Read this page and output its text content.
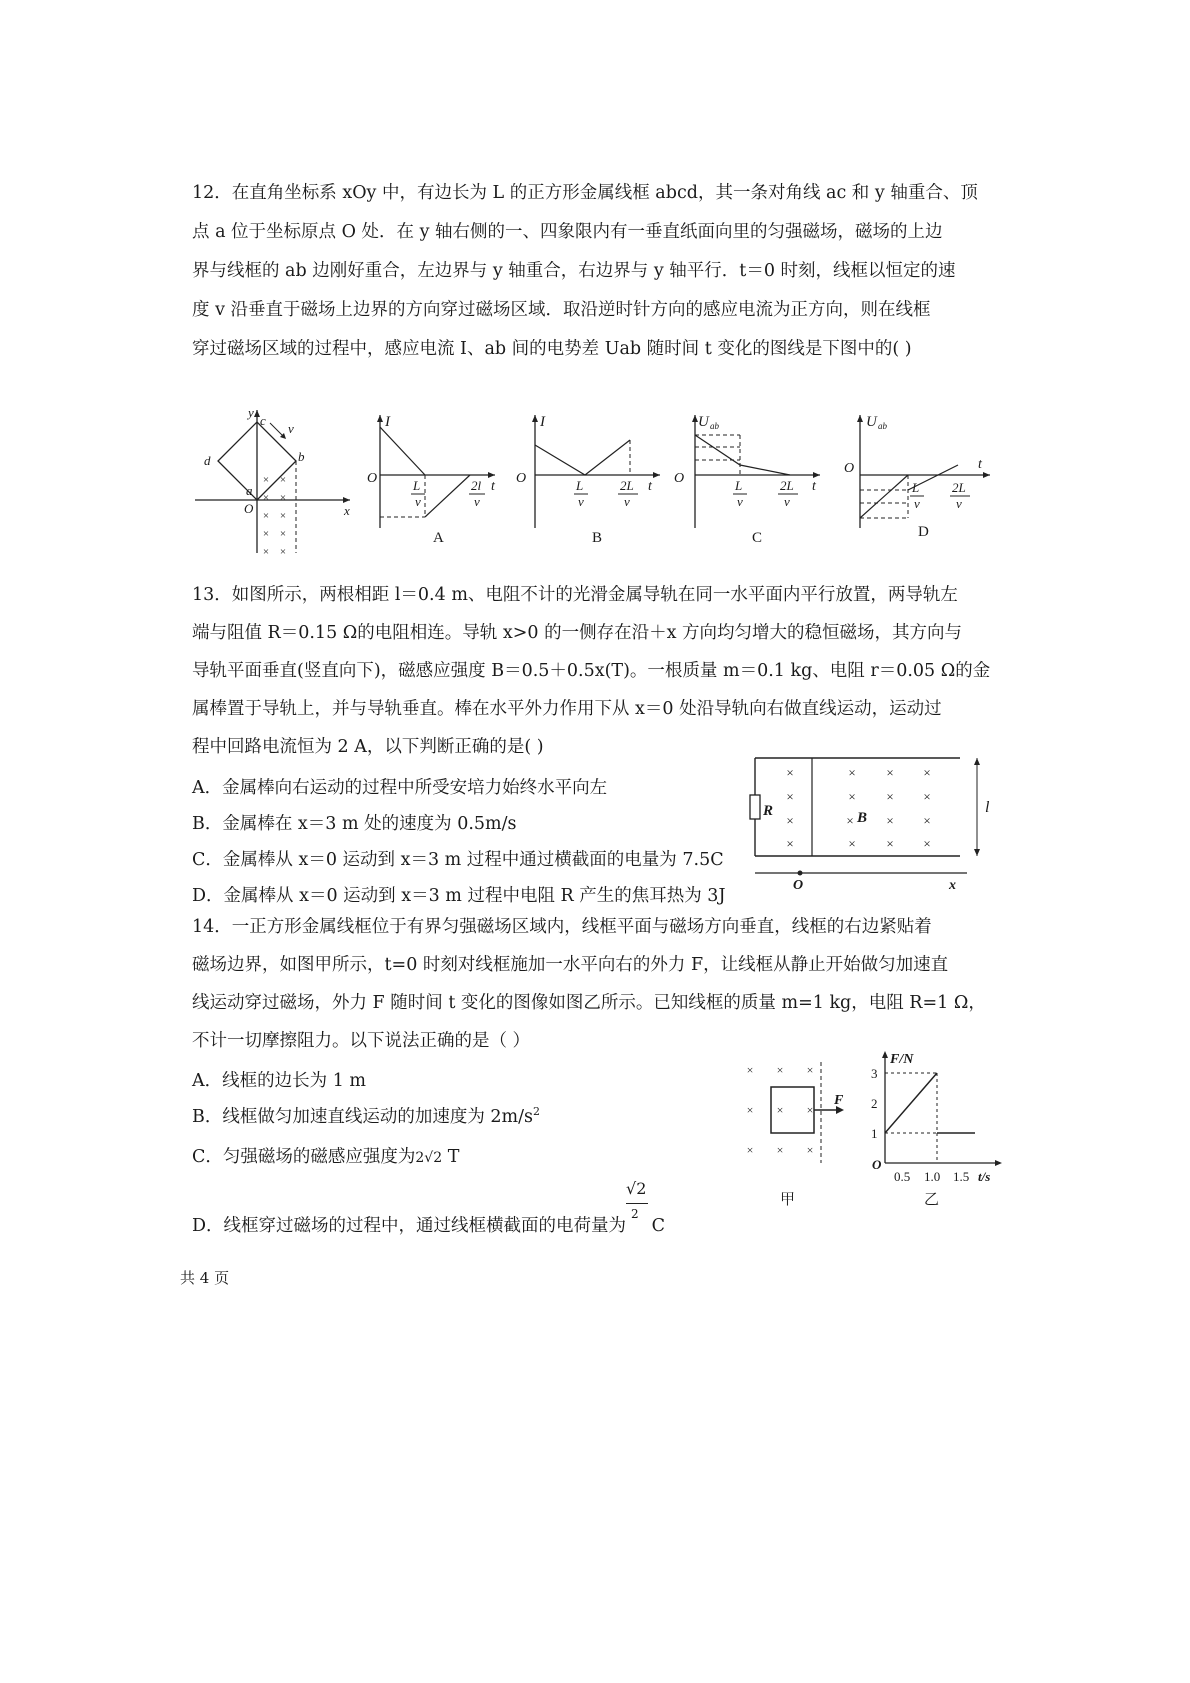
12．在直角坐标系 xOy 中，有边长为 L 的正方形金属线框 abcd，其一条对角线 ac 和 y 轴重合、顶
点 a 位于坐标原点 O 处．在 y 轴右侧的一、四象限内有一垂直纸面向里的匀强磁场，磁场的上边
界与线框的 ab 边刚好重合，左边界与 y 轴重合，右边界与 y 轴平行．t＝0 时刻，线框以恒定的速
度 v 沿垂直于磁场上边界的方向穿过磁场区域．取沿逆时针方向的感应电流为正方向，则在线框
穿过磁场区域的过程中，感应电流 I、ab 间的电势差 Uab 随时间 t 变化的图线是下图中的( )
× ×
× ×
× ×
× ×
× ×
y
c
d	b
a
O	x
v	I
O
t
L
v
2l
v
A
I
O
t
L
v
2L
v
B
U ab
O
t
L
v
2L
v
C
U ab
O	t
L
v
2L
v
D
13．如图所示，两根相距 l＝0.4 m、电阻不计的光滑金属导轨在同一水平面内平行放置，两导轨左
端与阻值 R＝0.15 Ω的电阻相连。导轨 x>0 的一侧存在沿＋x 方向均匀增大的稳恒磁场，其方向与
导轨平面垂直(竖直向下)，磁感应强度 B＝0.5＋0.5x(T)。一根质量 m＝0.1 kg、电阻 r＝0.05 Ω的金
属棒置于导轨上，并与导轨垂直。棒在水平外力作用下从 x＝0 处沿导轨向右做直线运动，运动过
程中回路电流恒为 2 A，以下判断正确的是( )
A．金属棒向右运动的过程中所受安培力始终水平向左
B．金属棒在 x＝3 m 处的速度为 0.5m/s
C．金属棒从 x＝0 运动到 x＝3 m 过程中通过横截面的电量为 7.5C
D．金属棒从 x＝0 运动到 x＝3 m 过程中电阻 R 产生的焦耳热为 3J
×
×
×
×
× × ×
× × ×
×	× ×
× × ×
R	B
l
O	x
14．一正方形金属线框位于有界匀强磁场区域内，线框平面与磁场方向垂直，线框的右边紧贴着
磁场边界，如图甲所示，t=0 时刻对线框施加一水平向右的外力 F，让线框从静止开始做匀加速直
线运动穿过磁场，外力 F 随时间 t 变化的图像如图乙所示。已知线框的质量 m=1 kg，电阻 R=1 Ω，
不计一切摩擦阻力。以下说法正确的是（ ）
A．线框的边长为 1 m
B．线框做匀加速直线运动的加速度为 $2m/s^2$
C．匀强磁场的磁感应强度为2√2 T
D．线框穿过磁场的过程中，通过线框横截面的电荷量为
√2
2
C
× × ×
× × ×
× × ×
F
甲
F/N
3
2
1
O
0.5 1.0 1.5 t/s
乙
共 4 页
